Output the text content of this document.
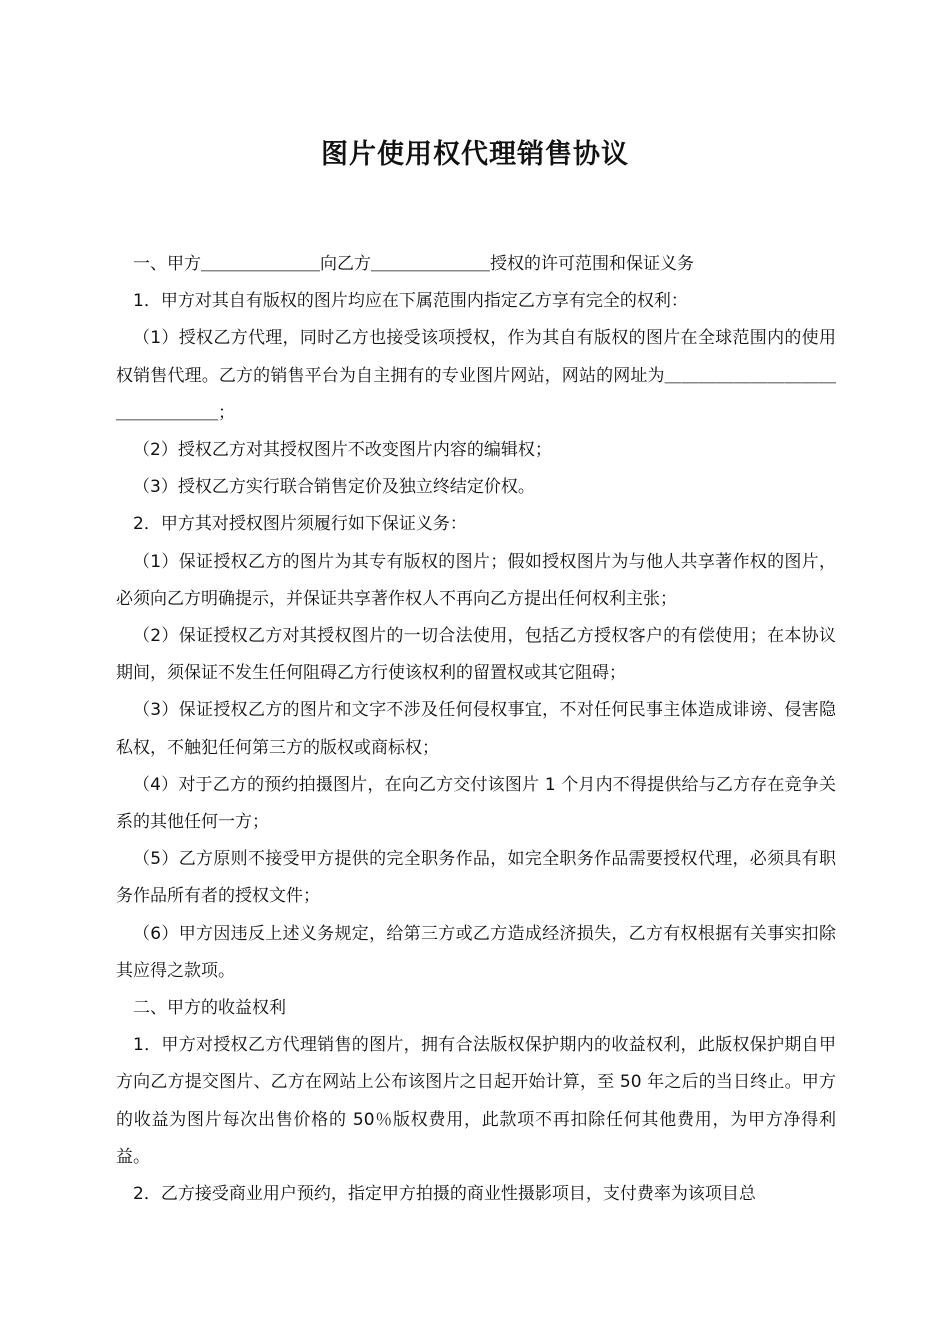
图片使用权代理销售协议

一、甲方＿＿＿＿＿＿＿向乙方＿＿＿＿＿＿＿授权的许可范围和保证义务

1．甲方对其自有版权的图片均应在下属范围内指定乙方享有完全的权利：

（1）授权乙方代理，同时乙方也接受该项授权，作为其自有版权的图片在全球范围内的使用权销售代理。乙方的销售平台为自主拥有的专业图片网站，网站的网址为＿＿＿＿＿＿＿＿＿＿＿＿＿＿＿＿；

（2）授权乙方对其授权图片不改变图片内容的编辑权；

（3）授权乙方实行联合销售定价及独立终结定价权。

2．甲方其对授权图片须履行如下保证义务：

（1）保证授权乙方的图片为其专有版权的图片；假如授权图片为与他人共享著作权的图片，必须向乙方明确提示，并保证共享著作权人不再向乙方提出任何权利主张；

（2）保证授权乙方对其授权图片的一切合法使用，包括乙方授权客户的有偿使用；在本协议期间，须保证不发生任何阻碍乙方行使该权利的留置权或其它阻碍；

（3）保证授权乙方的图片和文字不涉及任何侵权事宜，不对任何民事主体造成诽谤、侵害隐私权，不触犯任何第三方的版权或商标权；

（4）对于乙方的预约拍摄图片，在向乙方交付该图片 1 个月内不得提供给与乙方存在竞争关系的其他任何一方；

（5）乙方原则不接受甲方提供的完全职务作品，如完全职务作品需要授权代理，必须具有职务作品所有者的授权文件；

（6）甲方因违反上述义务规定，给第三方或乙方造成经济损失，乙方有权根据有关事实扣除其应得之款项。

二、甲方的收益权利

1．甲方对授权乙方代理销售的图片，拥有合法版权保护期内的收益权利，此版权保护期自甲方向乙方提交图片、乙方在网站上公布该图片之日起开始计算，至 50 年之后的当日终止。甲方的收益为图片每次出售价格的 50％版权费用，此款项不再扣除任何其他费用，为甲方净得利益。

2．乙方接受商业用户预约，指定甲方拍摄的商业性摄影项目，支付费率为该项目总
